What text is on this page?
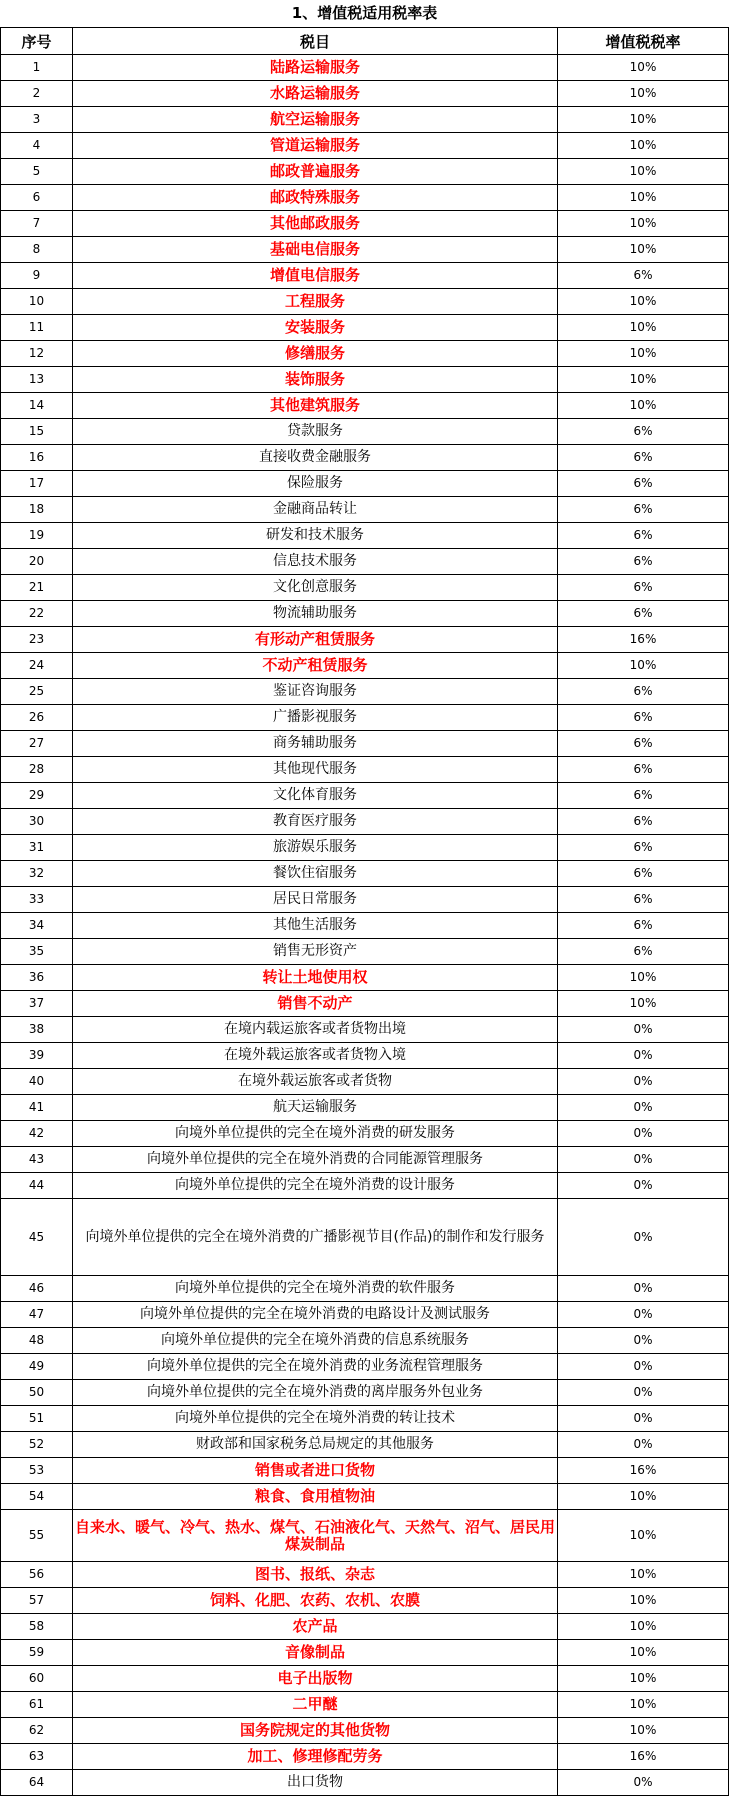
1、增值税适用税率表		
序号	税目	增值税税率
1	陆路运输服务	10%
2	水路运输服务	10%
3	航空运输服务	10%
4	管道运输服务	10%
5	邮政普遍服务	10%
6	邮政特殊服务	10%
7	其他邮政服务	10%
8	基础电信服务	10%
9	增值电信服务	6%
10	工程服务	10%
11	安装服务	10%
12	修缮服务	10%
13	装饰服务	10%
14	其他建筑服务	10%
15	贷款服务	6%
16	直接收费金融服务	6%
17	保险服务	6%
18	金融商品转让	6%
19	研发和技术服务	6%
20	信息技术服务	6%
21	文化创意服务	6%
22	物流辅助服务	6%
23	有形动产租赁服务	16%
24	不动产租赁服务	10%
25	鉴证咨询服务	6%
26	广播影视服务	6%
27	商务辅助服务	6%
28	其他现代服务	6%
29	文化体育服务	6%
30	教育医疗服务	6%
31	旅游娱乐服务	6%
32	餐饮住宿服务	6%
33	居民日常服务	6%
34	其他生活服务	6%
35	销售无形资产	6%
36	转让土地使用权	10%
37	销售不动产	10%
38	在境内载运旅客或者货物出境	0%
39	在境外载运旅客或者货物入境	0%
40	在境外载运旅客或者货物	0%
41	航天运输服务	0%
42	向境外单位提供的完全在境外消费的研发服务	0%
43	向境外单位提供的完全在境外消费的合同能源管理服务	0%
44	向境外单位提供的完全在境外消费的设计服务	0%
45	向境外单位提供的完全在境外消费的广播影视节目(作品)的制作和发行服务	0%
46	向境外单位提供的完全在境外消费的软件服务	0%
47	向境外单位提供的完全在境外消费的电路设计及测试服务	0%
48	向境外单位提供的完全在境外消费的信息系统服务	0%
49	向境外单位提供的完全在境外消费的业务流程管理服务	0%
50	向境外单位提供的完全在境外消费的离岸服务外包业务	0%
51	向境外单位提供的完全在境外消费的转让技术	0%
52	财政部和国家税务总局规定的其他服务	0%
53	销售或者进口货物	16%
54	粮食、食用植物油	10%
55	自来水、暖气、冷气、热水、煤气、石油液化气、天然气、沼气、居民用煤炭制品	10%
56	图书、报纸、杂志	10%
57	饲料、化肥、农药、农机、农膜	10%
58	农产品	10%
59	音像制品	10%
60	电子出版物	10%
61	二甲醚	10%
62	国务院规定的其他货物	10%
63	加工、修理修配劳务	16%
64	出口货物	0%
